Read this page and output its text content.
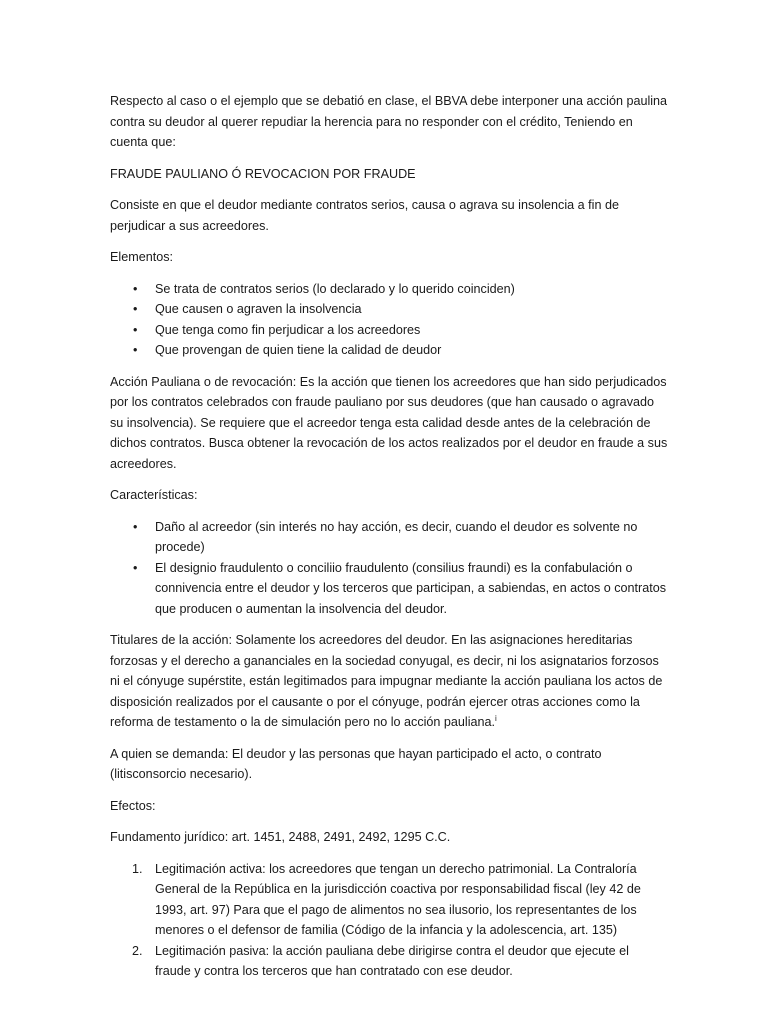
Respecto al caso o el ejemplo que se debatió en clase, el BBVA debe interponer una acción paulina contra su deudor al querer repudiar la herencia para no responder con el crédito, Teniendo en cuenta que:

FRAUDE PAULIANO Ó REVOCACION POR FRAUDE

Consiste en que el deudor mediante contratos serios, causa o agrava su insolencia a fin de perjudicar a sus acreedores.

Elementos:

• Se trata de contratos serios (lo declarado y lo querido coinciden)
• Que causen o agraven la insolvencia
• Que tenga como fin perjudicar a los acreedores
• Que provengan de quien tiene la calidad de deudor

Acción Pauliana o de revocación: Es la acción que tienen los acreedores que han sido perjudicados por los contratos celebrados con fraude pauliano por sus deudores (que han causado o agravado su insolvencia). Se requiere que el acreedor tenga esta calidad desde antes de la celebración de dichos contratos. Busca obtener la revocación de los actos realizados por el deudor en fraude a sus acreedores.

Características:

• Daño al acreedor (sin interés no hay acción, es decir, cuando el deudor es solvente no procede)
• El designio fraudulento o conciliio fraudulento (consilius fraundi) es la confabulación o connivencia entre el deudor y los terceros que participan, a sabiendas, en actos o contratos que producen o aumentan la insolvencia del deudor.

Titulares de la acción: Solamente los acreedores del deudor. En las asignaciones hereditarias forzosas y el derecho a gananciales en la sociedad conyugal, es decir, ni los asignatarios forzosos ni el cónyuge supérstite, están legitimados para impugnar mediante la acción pauliana los actos de disposición realizados por el causante o por el cónyuge, podrán ejercer otras acciones como la reforma de testamento o la de simulación pero no lo acción pauliana.$^i$

A quien se demanda: El deudor y las personas que hayan participado el acto, o contrato (litisconsorcio necesario).

Efectos:

Fundamento jurídico: art. 1451, 2488, 2491, 2492, 1295 C.C.

1. Legitimación activa: los acreedores que tengan un derecho patrimonial. La Contraloría General de la República en la jurisdicción coactiva por responsabilidad fiscal (ley 42 de 1993, art. 97) Para que el pago de alimentos no sea ilusorio, los representantes de los menores o el defensor de familia (Código de la infancia y la adolescencia, art. 135)
2. Legitimación pasiva: la acción pauliana debe dirigirse contra el deudor que ejecute el fraude y contra los terceros que han contratado con ese deudor.
